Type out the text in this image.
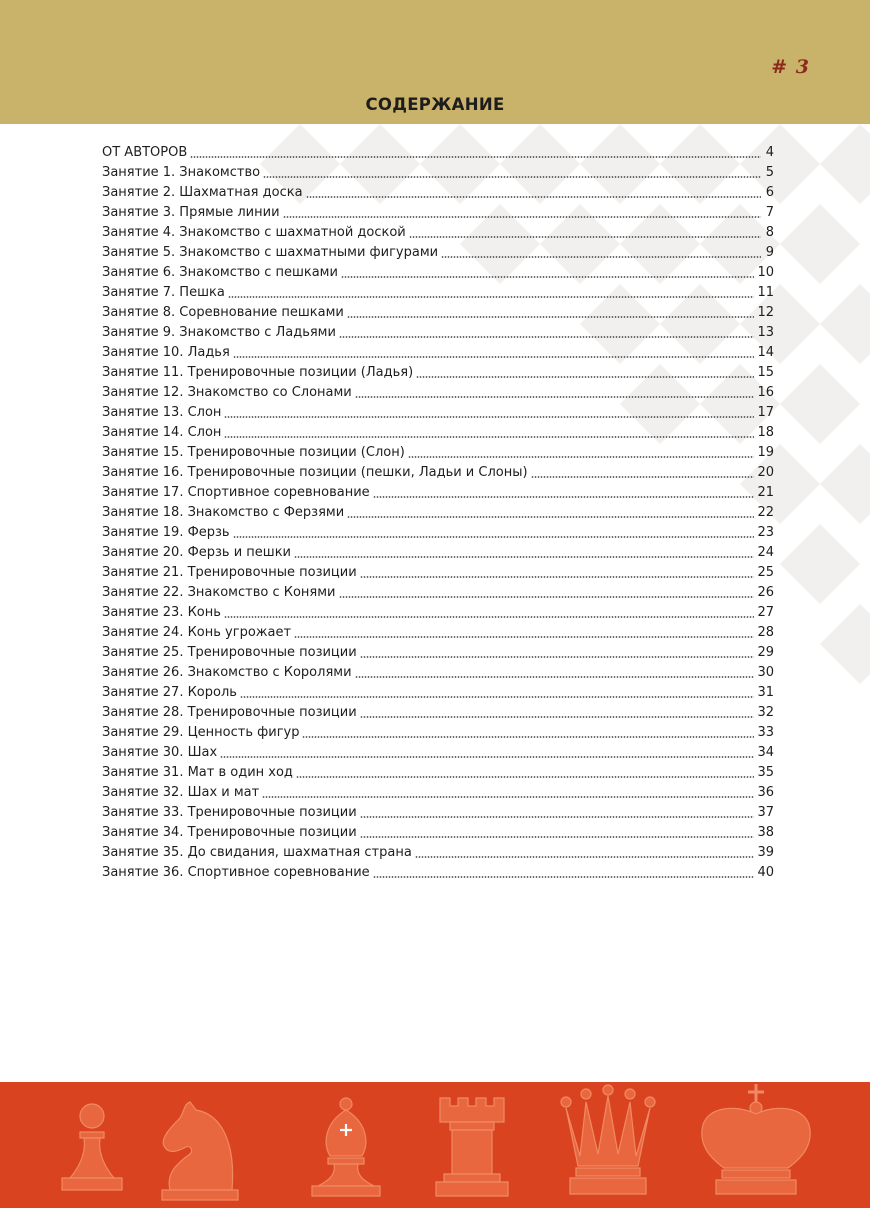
# 3
СОДЕРЖАНИЕ
ОТ АВТОРОВ	4
Занятие 1. Знакомство	5
Занятие 2. Шахматная доска	6
Занятие 3. Прямые линии	7
Занятие 4. Знакомство с шахматной доской	8
Занятие 5. Знакомство с шахматными фигурами	9
Занятие 6. Знакомство с пешками	10
Занятие 7. Пешка	11
Занятие 8. Соревнование пешками	12
Занятие 9. Знакомство с Ладьями	13
Занятие 10. Ладья	14
Занятие 11. Тренировочные позиции (Ладья)	15
Занятие 12. Знакомство со Слонами	16
Занятие 13. Слон	17
Занятие 14. Слон	18
Занятие 15. Тренировочные позиции (Слон)	19
Занятие 16. Тренировочные позиции (пешки, Ладьи и Слоны)	20
Занятие 17. Спортивное соревнование	21
Занятие 18. Знакомство с Ферзями	22
Занятие 19. Ферзь	23
Занятие 20. Ферзь и пешки	24
Занятие 21. Тренировочные позиции	25
Занятие 22. Знакомство с Конями	26
Занятие 23. Конь	27
Занятие 24. Конь угрожает	28
Занятие 25. Тренировочные позиции	29
Занятие 26. Знакомство с Королями	30
Занятие 27. Король	31
Занятие 28. Тренировочные позиции	32
Занятие 29. Ценность фигур	33
Занятие 30. Шах	34
Занятие 31. Мат в один ход	35
Занятие 32. Шах и мат	36
Занятие 33. Тренировочные позиции	37
Занятие 34. Тренировочные позиции	38
Занятие 35. До свидания, шахматная страна	39
Занятие 36. Спортивное соревнование	40
